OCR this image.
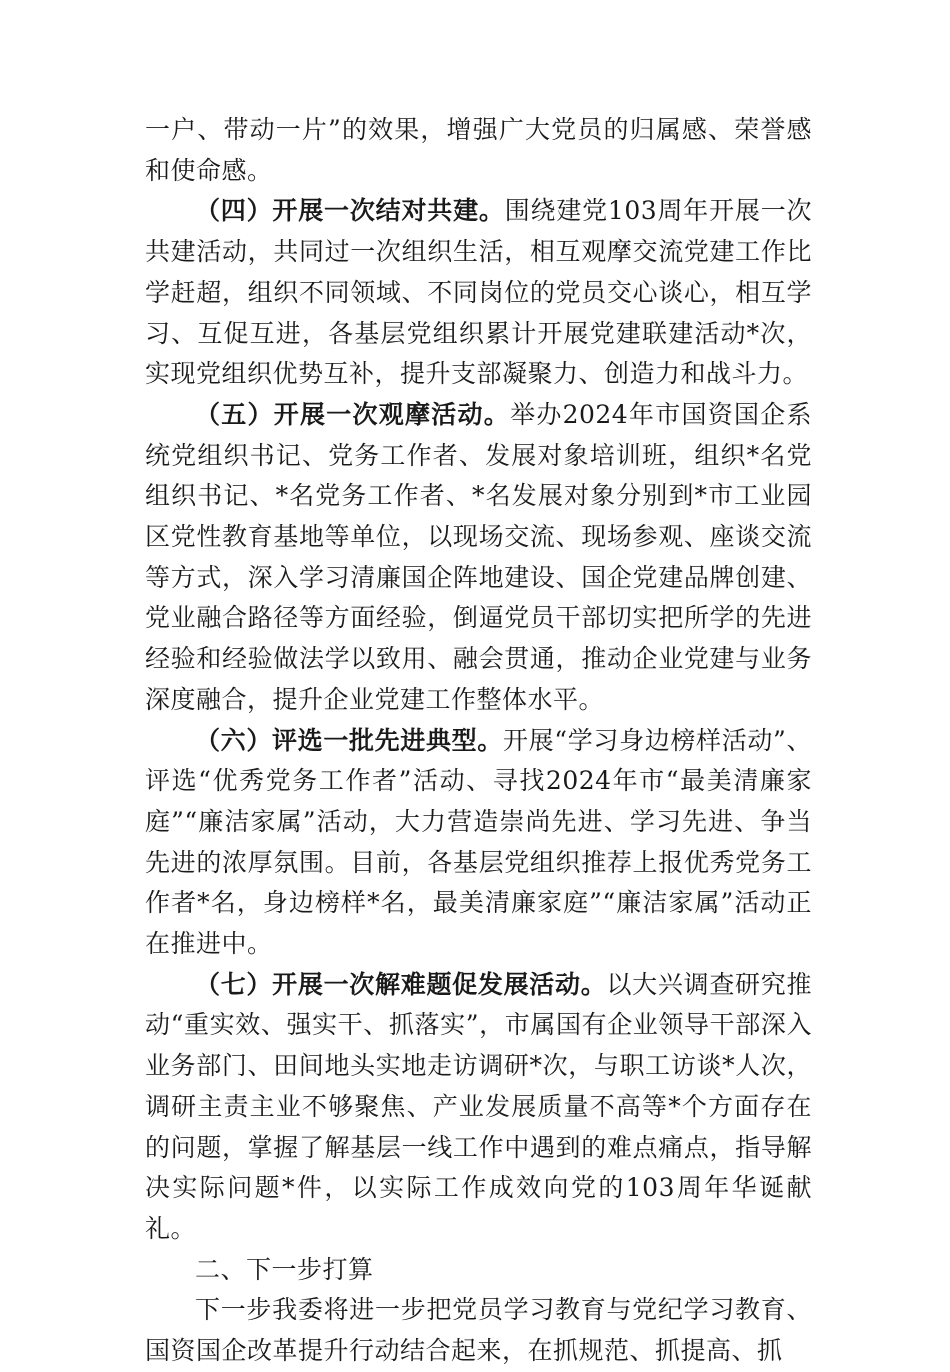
一户、带动一片”的效果，增强广大党员的归属感、荣誉感和使命感。

（四）开展一次结对共建。围绕建党103周年开展一次共建活动，共同过一次组织生活，相互观摩交流党建工作比学赶超，组织不同领域、不同岗位的党员交心谈心，相互学习、互促互进，各基层党组织累计开展党建联建活动*次，实现党组织优势互补，提升支部凝聚力、创造力和战斗力。

（五）开展一次观摩活动。举办2024年市国资国企系统党组织书记、党务工作者、发展对象培训班，组织*名党组织书记、*名党务工作者、*名发展对象分别到*市工业园区党性教育基地等单位，以现场交流、现场参观、座谈交流等方式，深入学习清廉国企阵地建设、国企党建品牌创建、党业融合路径等方面经验，倒逼党员干部切实把所学的先进经验和经验做法学以致用、融会贯通，推动企业党建与业务深度融合，提升企业党建工作整体水平。

（六）评选一批先进典型。开展“学习身边榜样活动”、评选“优秀党务工作者”活动、寻找2024年市“最美清廉家庭”“廉洁家属”活动，大力营造崇尚先进、学习先进、争当先进的浓厚氛围。目前，各基层党组织推荐上报优秀党务工作者*名，身边榜样*名，最美清廉家庭”“廉洁家属”活动正在推进中。

（七）开展一次解难题促发展活动。以大兴调查研究推动“重实效、强实干、抓落实”，市属国有企业领导干部深入业务部门、田间地头实地走访调研*次，与职工访谈*人次，调研主责主业不够聚焦、产业发展质量不高等*个方面存在的问题，掌握了解基层一线工作中遇到的难点痛点，指导解决实际问题*件，以实际工作成效向党的103周年华诞献礼。

二、下一步打算

下一步我委将进一步把党员学习教育与党纪学习教育、国资国企改革提升行动结合起来，在抓规范、抓提高、抓
